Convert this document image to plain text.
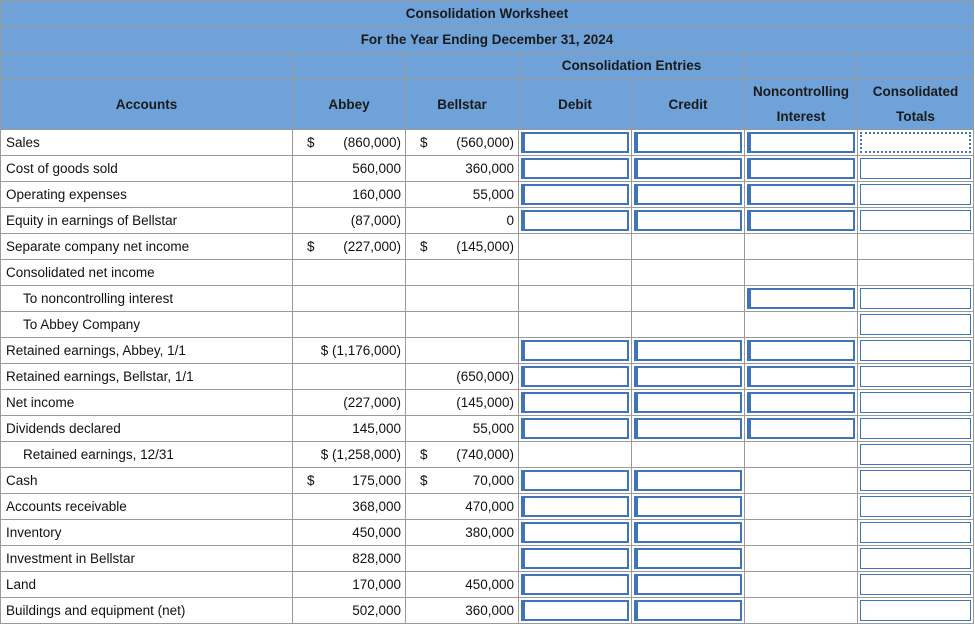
Consolidation Worksheet						
For the Year Ending December 31, 2024						
			Consolidation Entries			
Accounts	Abbey	Bellstar	Debit	Credit	Noncontrolling Interest	Consolidated Totals
Sales	$ (860,000)	$ (560,000)	

Cost of goods sold	560,000	360,000	

Operating expenses	160,000	55,000	

Equity in earnings of Bellstar	(87,000)	0	

Separate company net income	$ (227,000)	$ (145,000)				
Consolidated net income						
To noncontrolling interest					

To Abbey Company						

Retained earnings, Abbey, 1/1	$ (1,176,000)		

Retained earnings, Bellstar, 1/1		(650,000)	

Net income	(227,000)	(145,000)	

Dividends declared	145,000	55,000	

Retained earnings, 12/31	$ (1,258,000)	$ (740,000)				

Cash	$ 175,000	$ 70,000	

Accounts receivable	368,000	470,000	

Inventory	450,000	380,000	

Investment in Bellstar	828,000		

Land	170,000	450,000	

Buildings and equipment (net)	502,000	360,000	
